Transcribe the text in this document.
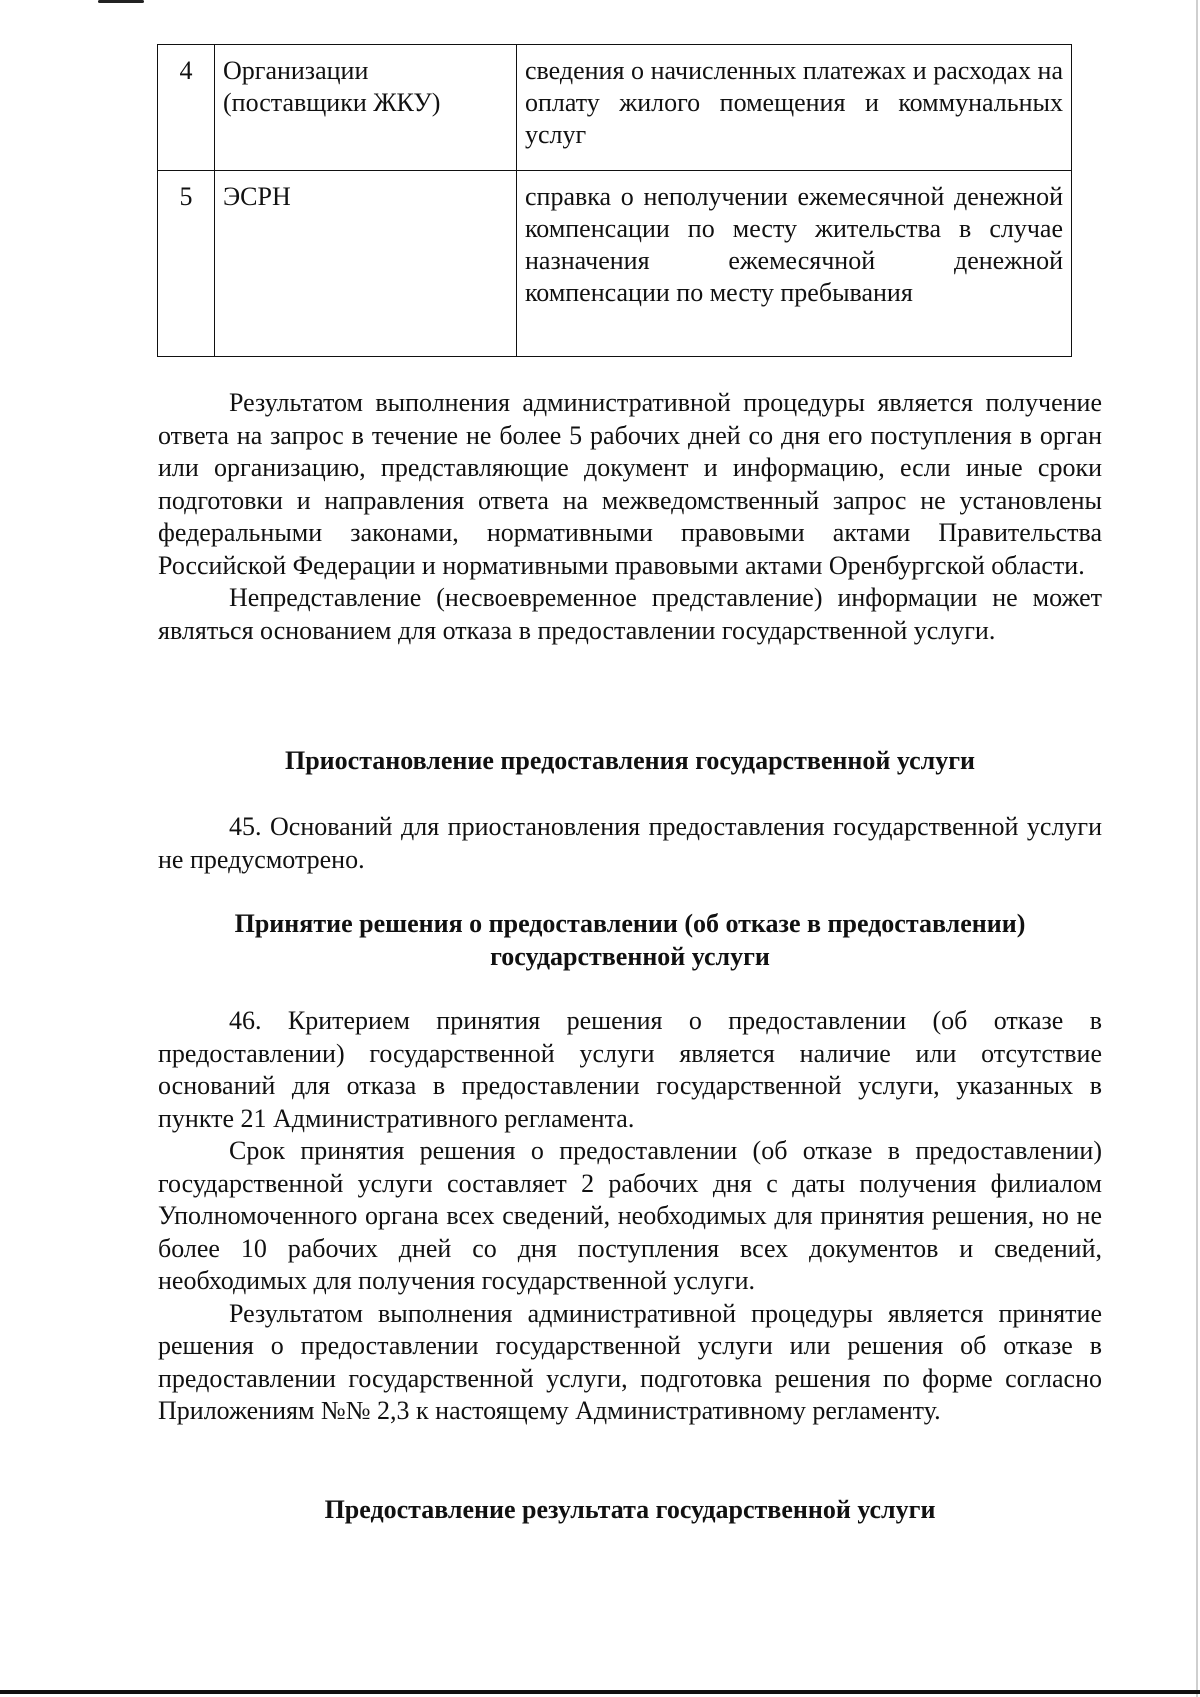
4	Организации (поставщики ЖКУ)	сведения о начисленных платежах и расходах на оплату жилого помещения и коммунальных услуг
5	ЭСРН	справка о неполучении ежемесячной денежной компенсации по месту жительства в случае назначения ежемесячной денежной компенсации по месту пребывания

Результатом выполнения административной процедуры является получение ответа на запрос в течение не более 5 рабочих дней со дня его поступления в орган или организацию, представляющие документ и информацию, если иные сроки подготовки и направления ответа на межведомственный запрос не установлены федеральными законами, нормативными правовыми актами Правительства Российской Федерации и нормативными правовыми актами Оренбургской области.

Непредставление (несвоевременное представление) информации не может являться основанием для отказа в предоставлении государственной услуги.

Приостановление предоставления государственной услуги

45. Оснований для приостановления предоставления государственной услуги не предусмотрено.

Принятие решения о предоставлении (об отказе в предоставлении)

государственной услуги

46. Критерием принятия решения о предоставлении (об отказе в предоставлении) государственной услуги является наличие или отсутствие оснований для отказа в предоставлении государственной услуги, указанных в пункте 21 Административного регламента.

Срок принятия решения о предоставлении (об отказе в предоставлении) государственной услуги составляет 2 рабочих дня с даты получения филиалом Уполномоченного органа всех сведений, необходимых для принятия решения, но не более 10 рабочих дней со дня поступления всех документов и сведений, необходимых для получения государственной услуги.

Результатом выполнения административной процедуры является принятие решения о предоставлении государственной услуги или решения об отказе в предоставлении государственной услуги, подготовка решения по форме согласно Приложениям №№ 2,3 к настоящему Административному регламенту.

Предоставление результата государственной услуги
